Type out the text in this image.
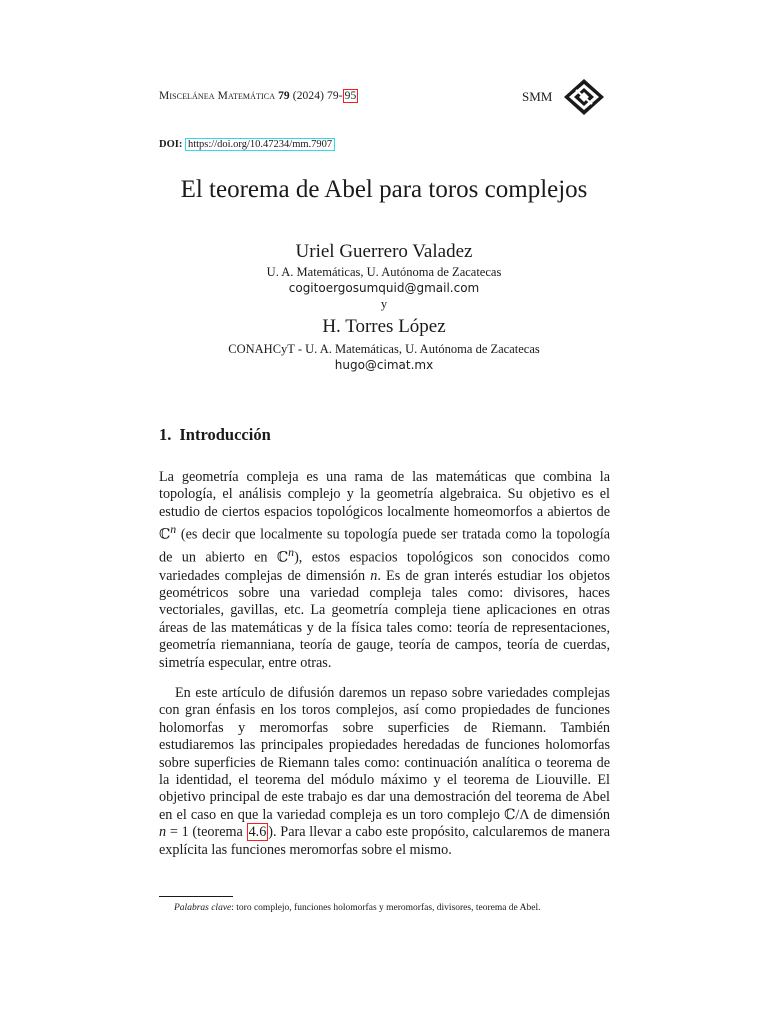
Miscelánea Matemática 79 (2024) 79- 95	SMM
DOI: https://doi.org/10.47234/mm.7907
El teorema de Abel para toros complejos
Uriel Guerrero Valadez
U. A. Matemáticas, U. Autónoma de Zacatecas
cogitoergosumquid@gmail.com
y
H. Torres López
CONAHCyT - U. A. Matemáticas, U. Autónoma de Zacatecas
hugo@cimat.mx
1. Introducción
La geometría compleja es una rama de las matemáticas que combina la topología, el análisis complejo y la geometría algebraica. Su objetivo es el estudio de ciertos espacios topológicos localmente homeomorfos a abiertos de ℂ$^n$ (es decir que localmente su topología puede ser tratada como la topología de un abierto en ℂ$^n$), estos espacios topológicos son conocidos como variedades complejas de dimensión n. Es de gran interés estudiar los objetos geométricos sobre una variedad compleja tales como: divisores, haces vectoriales, gavillas, etc. La geometría compleja tiene aplicaciones en otras áreas de las matemáticas y de la física tales como: teoría de representaciones, geometría riemanniana, teoría de gauge, teoría de campos, teoría de cuerdas, simetría especular, entre otras.
En este artículo de difusión daremos un repaso sobre variedades complejas con gran énfasis en los toros complejos, así como propiedades de funciones holomorfas y meromorfas sobre superficies de Riemann. También estudiaremos las principales propiedades heredadas de funciones holomorfas sobre superficies de Riemann tales como: continuación analítica o teorema de la identidad, el teorema del módulo máximo y el teorema de Liouville. El objetivo principal de este trabajo es dar una demostración del teorema de Abel en el caso en que la variedad compleja es un toro complejo ℂ/Λ de dimensión n = 1 (teorema 4.6 ). Para llevar a cabo este propósito, calcularemos de manera explícita las funciones meromorfas sobre el mismo.
Palabras clave: toro complejo, funciones holomorfas y meromorfas, divisores, teorema de Abel.
